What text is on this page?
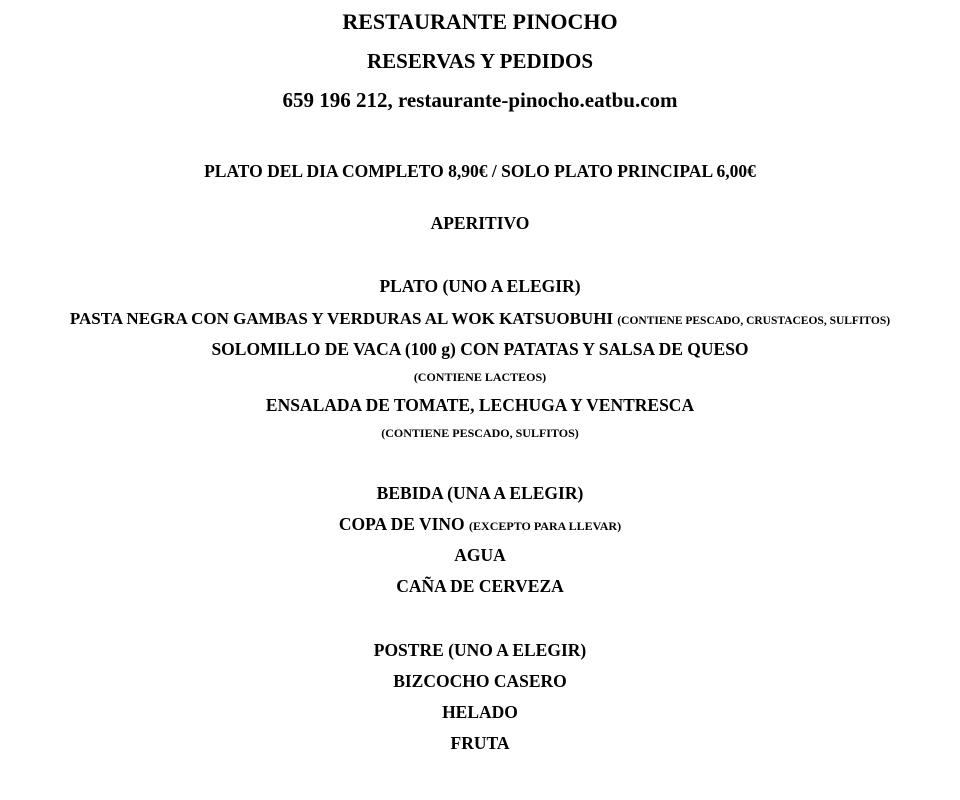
RESTAURANTE PINOCHO
RESERVAS Y PEDIDOS
659 196 212, restaurante-pinocho.eatbu.com
PLATO DEL DIA COMPLETO 8,90€ / SOLO PLATO PRINCIPAL 6,00€
APERITIVO
PLATO (UNO A ELEGIR)
PASTA NEGRA CON GAMBAS Y VERDURAS AL WOK KATSUOBUHI (CONTIENE PESCADO, CRUSTACEOS, SULFITOS)
SOLOMILLO DE VACA (100 g) CON PATATAS Y SALSA DE QUESO
(CONTIENE LACTEOS)
ENSALADA DE TOMATE, LECHUGA Y VENTRESCA
(CONTIENE PESCADO, SULFITOS)
BEBIDA (UNA A ELEGIR)
COPA DE VINO (EXCEPTO PARA LLEVAR)
AGUA
CAÑA DE CERVEZA
POSTRE (UNO A ELEGIR)
BIZCOCHO CASERO
HELADO
FRUTA
